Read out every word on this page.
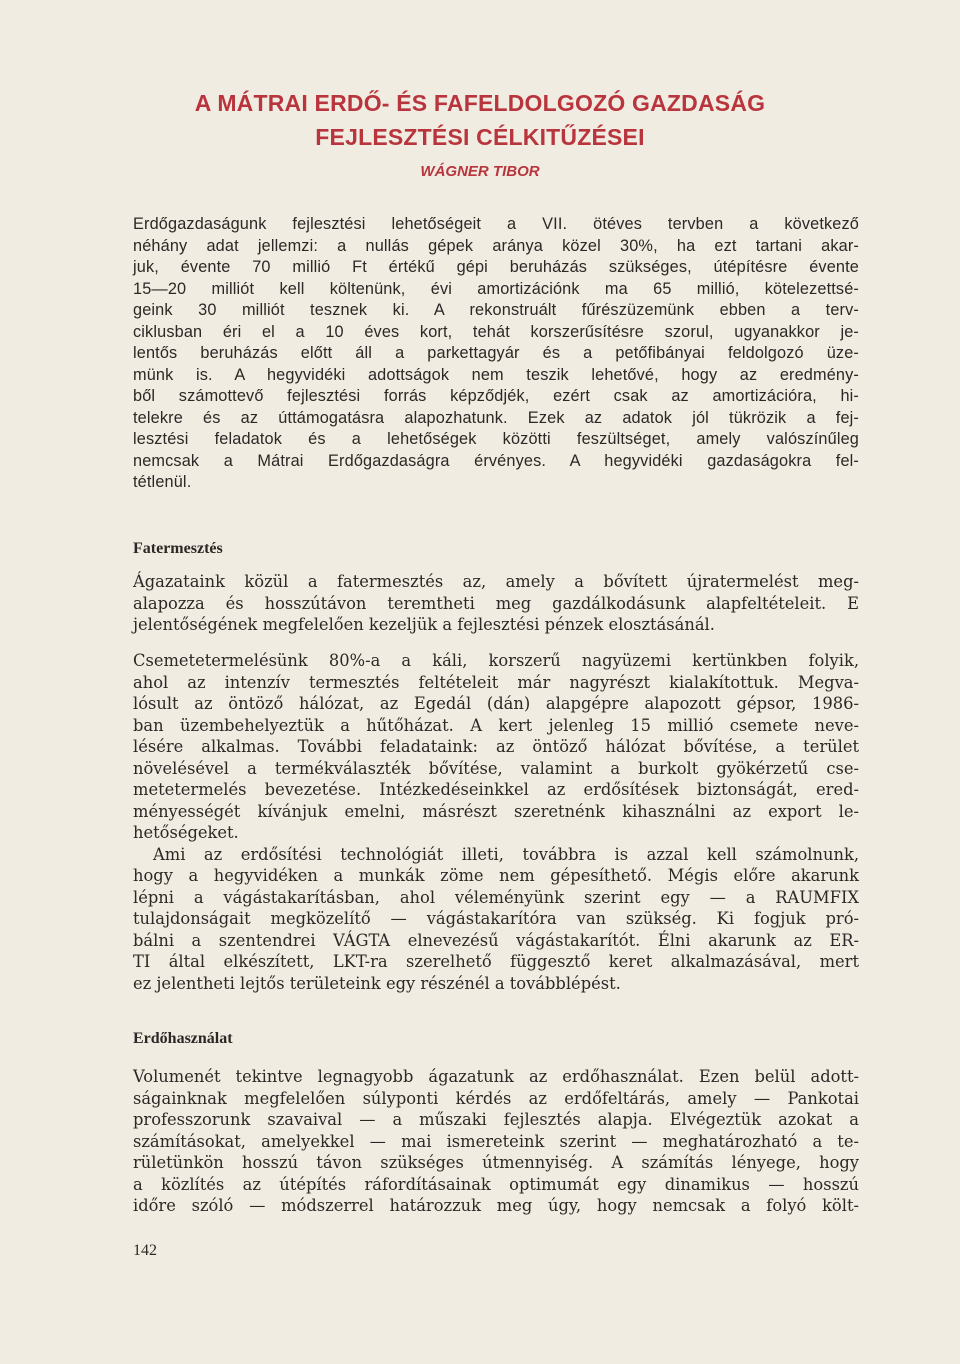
A MÁTRAI ERDŐ- ÉS FAFELDOLGOZÓ GAZDASÁG
FEJLESZTÉSI CÉLKITŰZÉSEI

WÁGNER TIBOR

Erdőgazdaságunk fejlesztési lehetőségeit a VII. ötéves tervben a következő
néhány adat jellemzi: a nullás gépek aránya közel 30%, ha ezt tartani akar-
juk, évente 70 millió Ft értékű gépi beruházás szükséges, útépítésre évente
15—20 milliót kell költenünk, évi amortizációnk ma 65 millió, kötelezettsé-
geink 30 milliót tesznek ki. A rekonstruált fűrészüzemünk ebben a terv-
ciklusban éri el a 10 éves kort, tehát korszerűsítésre szorul, ugyanakkor je-
lentős beruházás előtt áll a parkettagyár és a petőfibányai feldolgozó üze-
münk is. A hegyvidéki adottságok nem teszik lehetővé, hogy az eredmény-
ből számottevő fejlesztési forrás képződjék, ezért csak az amortizációra, hi-
telekre és az úttámogatásra alapozhatunk. Ezek az adatok jól tükrözik a fej-
lesztési feladatok és a lehetőségek közötti feszültséget, amely valószínűleg
nemcsak a Mátrai Erdőgazdaságra érvényes. A hegyvidéki gazdaságokra fel-
tétlenül.
Fatermesztés
Ágazataink közül a fatermesztés az, amely a bővített újratermelést meg-
alapozza és hosszútávon teremtheti meg gazdálkodásunk alapfeltételeit. E
jelentőségének megfelelően kezeljük a fejlesztési pénzek elosztásánál.
Csemetetermelésünk 80%-a a káli, korszerű nagyüzemi kertünkben folyik,
ahol az intenzív termesztés feltételeit már nagyrészt kialakítottuk. Megva-
lósult az öntöző hálózat, az Egedál (dán) alapgépre alapozott gépsor, 1986-
ban üzembehelyeztük a hűtőházat. A kert jelenleg 15 millió csemete neve-
lésére alkalmas. További feladataink: az öntöző hálózat bővítése, a terület
növelésével a termékválaszték bővítése, valamint a burkolt gyökérzetű cse-
metetermelés bevezetése. Intézkedéseinkkel az erdősítések biztonságát, ered-
ményességét kívánjuk emelni, másrészt szeretnénk kihasználni az export le-
hetőségeket.
Ami az erdősítési technológiát illeti, továbbra is azzal kell számolnunk,
hogy a hegyvidéken a munkák zöme nem gépesíthető. Mégis előre akarunk
lépni a vágástakarításban, ahol véleményünk szerint egy — a RAUMFIX
tulajdonságait megközelítő — vágástakarítóra van szükség. Ki fogjuk pró-
bálni a szentendrei VÁGTA elnevezésű vágástakarítót. Élni akarunk az ER-
TI által elkészített, LKT-ra szerelhető függesztő keret alkalmazásával, mert
ez jelentheti lejtős területeink egy részénél a továbblépést.
Erdőhasználat
Volumenét tekintve legnagyobb ágazatunk az erdőhasználat. Ezen belül adott-
ságainknak megfelelően súlyponti kérdés az erdőfeltárás, amely — Pankotai
professzorunk szavaival — a műszaki fejlesztés alapja. Elvégeztük azokat a
számításokat, amelyekkel — mai ismereteink szerint — meghatározható a te-
rületünkön hosszú távon szükséges útmennyiség. A számítás lényege, hogy
a közlítés az útépítés ráfordításainak optimumát egy dinamikus — hosszú
időre szóló — módszerrel határozzuk meg úgy, hogy nemcsak a folyó költ-
142
